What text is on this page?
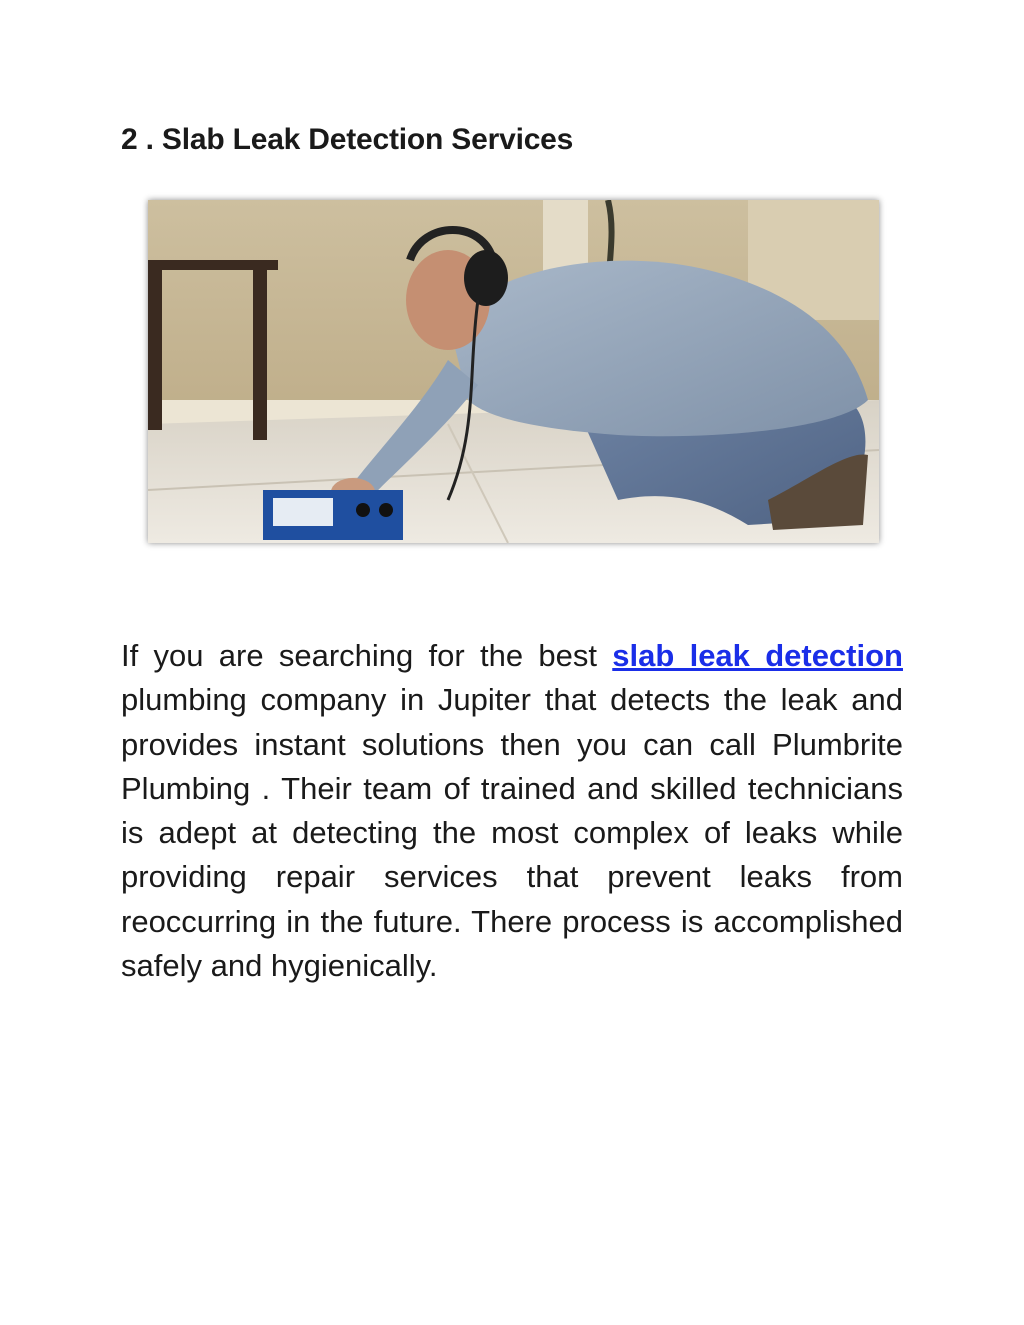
2 . Slab Leak Detection Services

If you are searching for the best slab leak detection plumbing company in Jupiter that detects the leak and provides instant solutions then you can call Plumbrite Plumbing . Their team of trained and skilled technicians is adept at detecting the most complex of leaks while providing repair services that prevent leaks from reoccurring in the future. There process is accomplished safely and hygienically.
